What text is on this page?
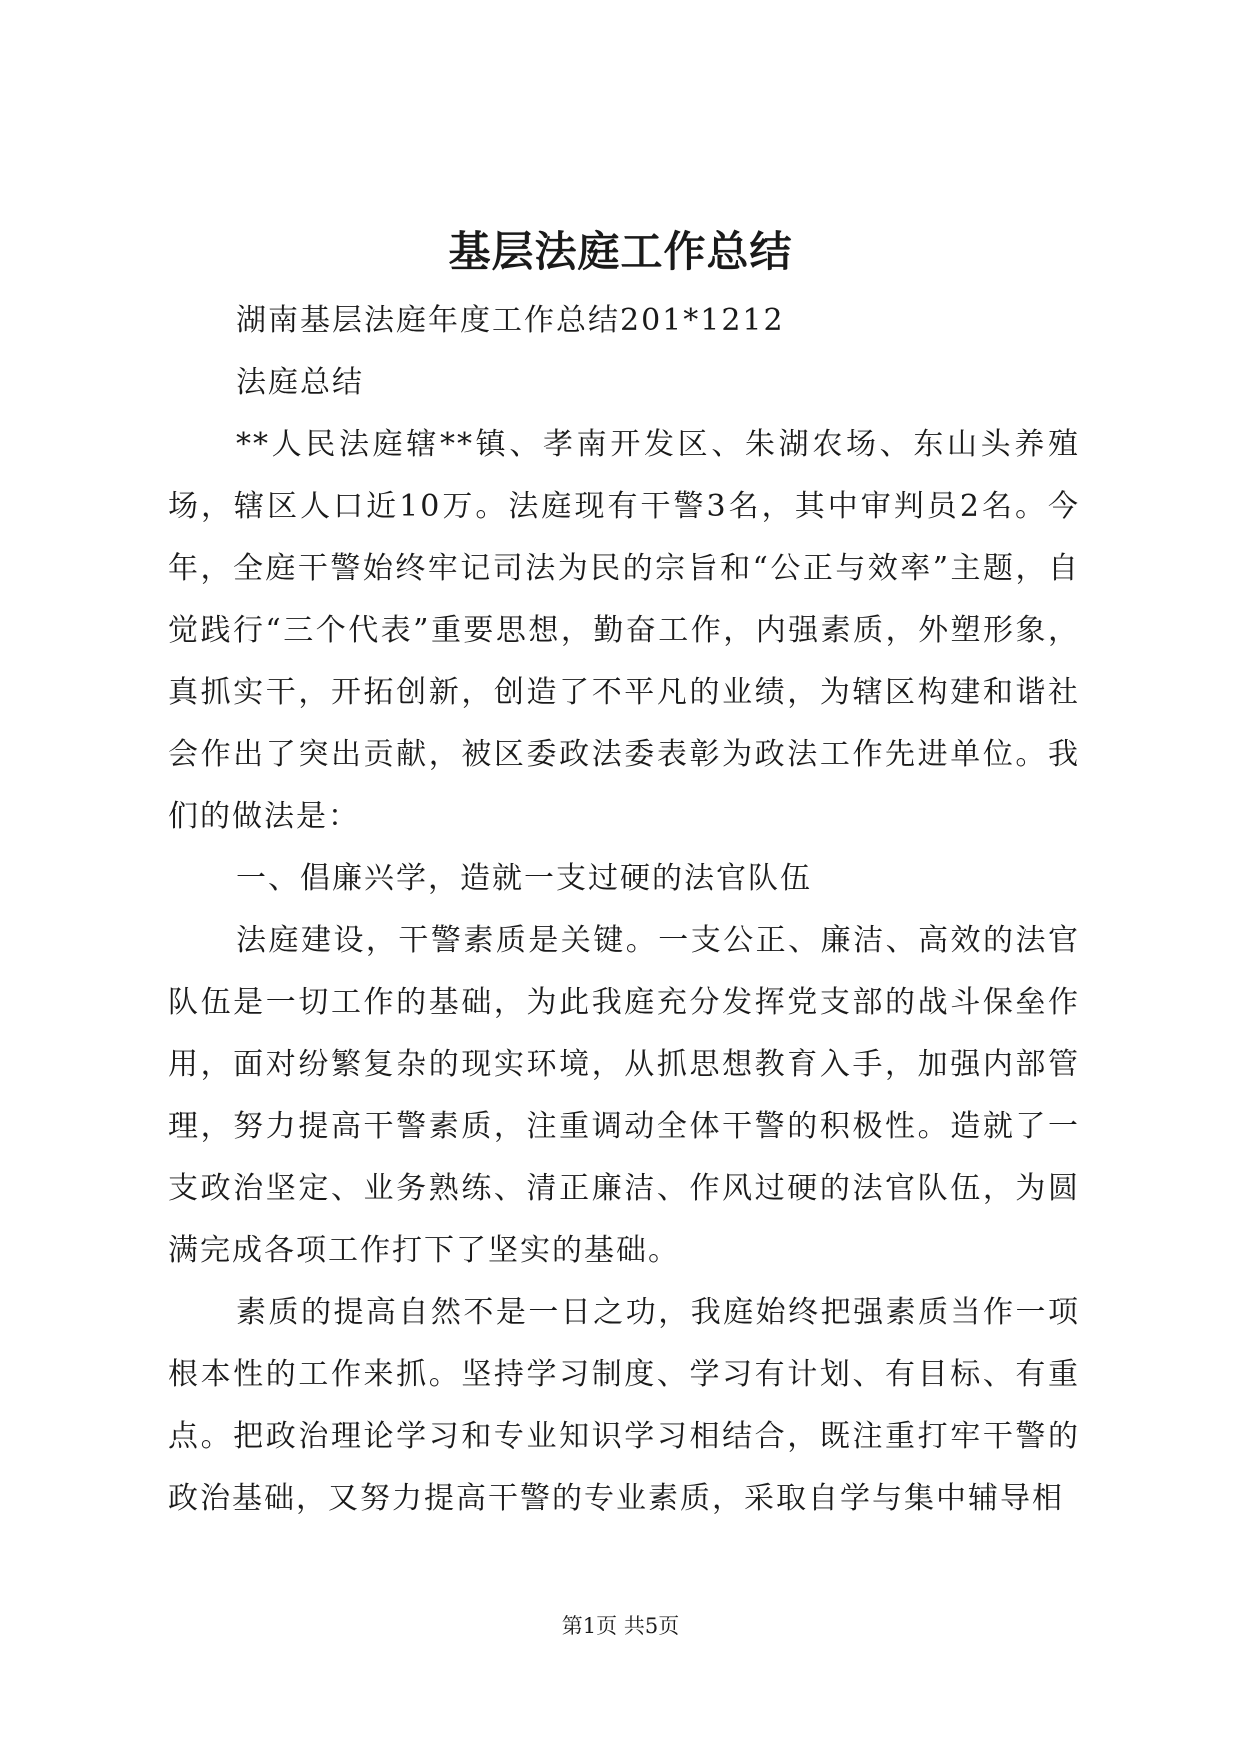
基层法庭工作总结

湖南基层法庭年度工作总结201*1212

法庭总结

**人民法庭辖**镇、孝南开发区、朱湖农场、东山头养殖场，辖区人口近10万。法庭现有干警3名，其中审判员2名。今年，全庭干警始终牢记司法为民的宗旨和“公正与效率”主题，自觉践行“三个代表”重要思想，勤奋工作，内强素质，外塑形象，真抓实干，开拓创新，创造了不平凡的业绩，为辖区构建和谐社会作出了突出贡献，被区委政法委表彰为政法工作先进单位。我们的做法是：

一、倡廉兴学，造就一支过硬的法官队伍

法庭建设，干警素质是关键。一支公正、廉洁、高效的法官队伍是一切工作的基础，为此我庭充分发挥党支部的战斗保垒作用，面对纷繁复杂的现实环境，从抓思想教育入手，加强内部管理，努力提高干警素质，注重调动全体干警的积极性。造就了一支政治坚定、业务熟练、清正廉洁、作风过硬的法官队伍，为圆满完成各项工作打下了坚实的基础。

素质的提高自然不是一日之功，我庭始终把强素质当作一项根本性的工作来抓。坚持学习制度、学习有计划、有目标、有重点。把政治理论学习和专业知识学习相结合，既注重打牢干警的政治基础，又努力提高干警的专业素质，采取自学与集中辅导相

第1页 共5页
